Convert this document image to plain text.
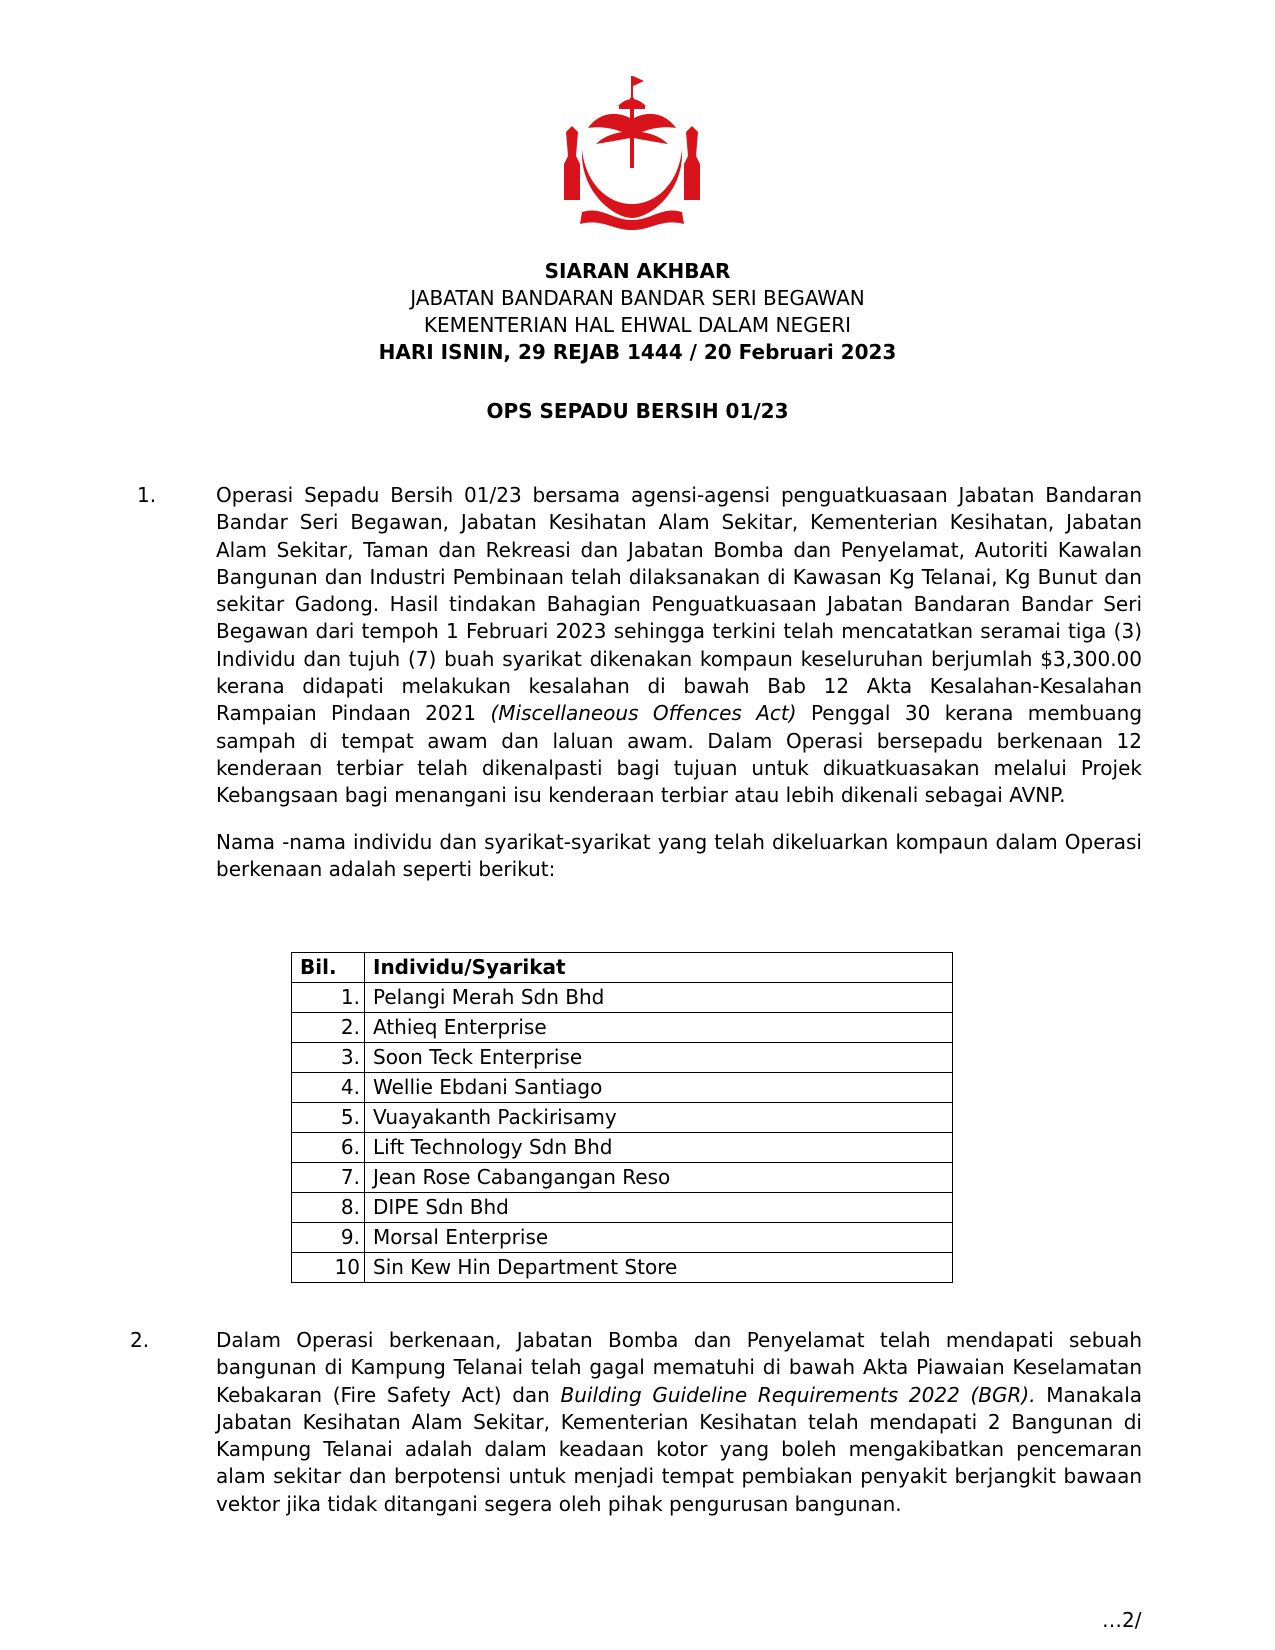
SIARAN AKHBAR
JABATAN BANDARAN BANDAR SERI BEGAWAN
KEMENTERIAN HAL EHWAL DALAM NEGERI
HARI ISNIN, 29 REJAB 1444 / 20 Februari 2023
OPS SEPADU BERSIH 01/23
1.	Operasi Sepadu Bersih 01/23 bersama agensi-agensi penguatkuasaan Jabatan Bandaran Bandar Seri Begawan, Jabatan Kesihatan Alam Sekitar, Kementerian Kesihatan, Jabatan Alam Sekitar, Taman dan Rekreasi dan Jabatan Bomba dan Penyelamat, Autoriti Kawalan Bangunan dan Industri Pembinaan telah dilaksanakan di Kawasan Kg Telanai, Kg Bunut dan sekitar Gadong. Hasil tindakan Bahagian Penguatkuasaan Jabatan Bandaran Bandar Seri Begawan dari tempoh 1 Februari 2023 sehingga terkini telah mencatatkan seramai tiga (3) Individu dan tujuh (7) buah syarikat dikenakan kompaun keseluruhan berjumlah $3,300.00 kerana didapati melakukan kesalahan di bawah Bab 12 Akta Kesalahan-Kesalahan Rampaian Pindaan 2021 (Miscellaneous Offences Act) Penggal 30 kerana membuang sampah di tempat awam dan laluan awam. Dalam Operasi bersepadu berkenaan 12 kenderaan terbiar telah dikenalpasti bagi tujuan untuk dikuatkuasakan melalui Projek Kebangsaan bagi menangani isu kenderaan terbiar atau lebih dikenali sebagai AVNP.
Nama -nama individu dan syarikat-syarikat yang telah dikeluarkan kompaun dalam Operasi berkenaan adalah seperti berikut:
Bil.	Individu/Syarikat
1.	Pelangi Merah Sdn Bhd
2.	Athieq Enterprise
3.	Soon Teck Enterprise
4.	Wellie Ebdani Santiago
5.	Vuayakanth Packirisamy
6.	Lift Technology Sdn Bhd
7.	Jean Rose Cabangangan Reso
8.	DIPE Sdn Bhd
9.	Morsal Enterprise
10	Sin Kew Hin Department Store
2.	Dalam Operasi berkenaan, Jabatan Bomba dan Penyelamat telah mendapati sebuah bangunan di Kampung Telanai telah gagal mematuhi di bawah Akta Piawaian Keselamatan Kebakaran (Fire Safety Act) dan Building Guideline Requirements 2022 (BGR). Manakala Jabatan Kesihatan Alam Sekitar, Kementerian Kesihatan telah mendapati 2 Bangunan di Kampung Telanai adalah dalam keadaan kotor yang boleh mengakibatkan pencemaran alam sekitar dan berpotensi untuk menjadi tempat pembiakan penyakit berjangkit bawaan vektor jika tidak ditangani segera oleh pihak pengurusan bangunan.
…2/
